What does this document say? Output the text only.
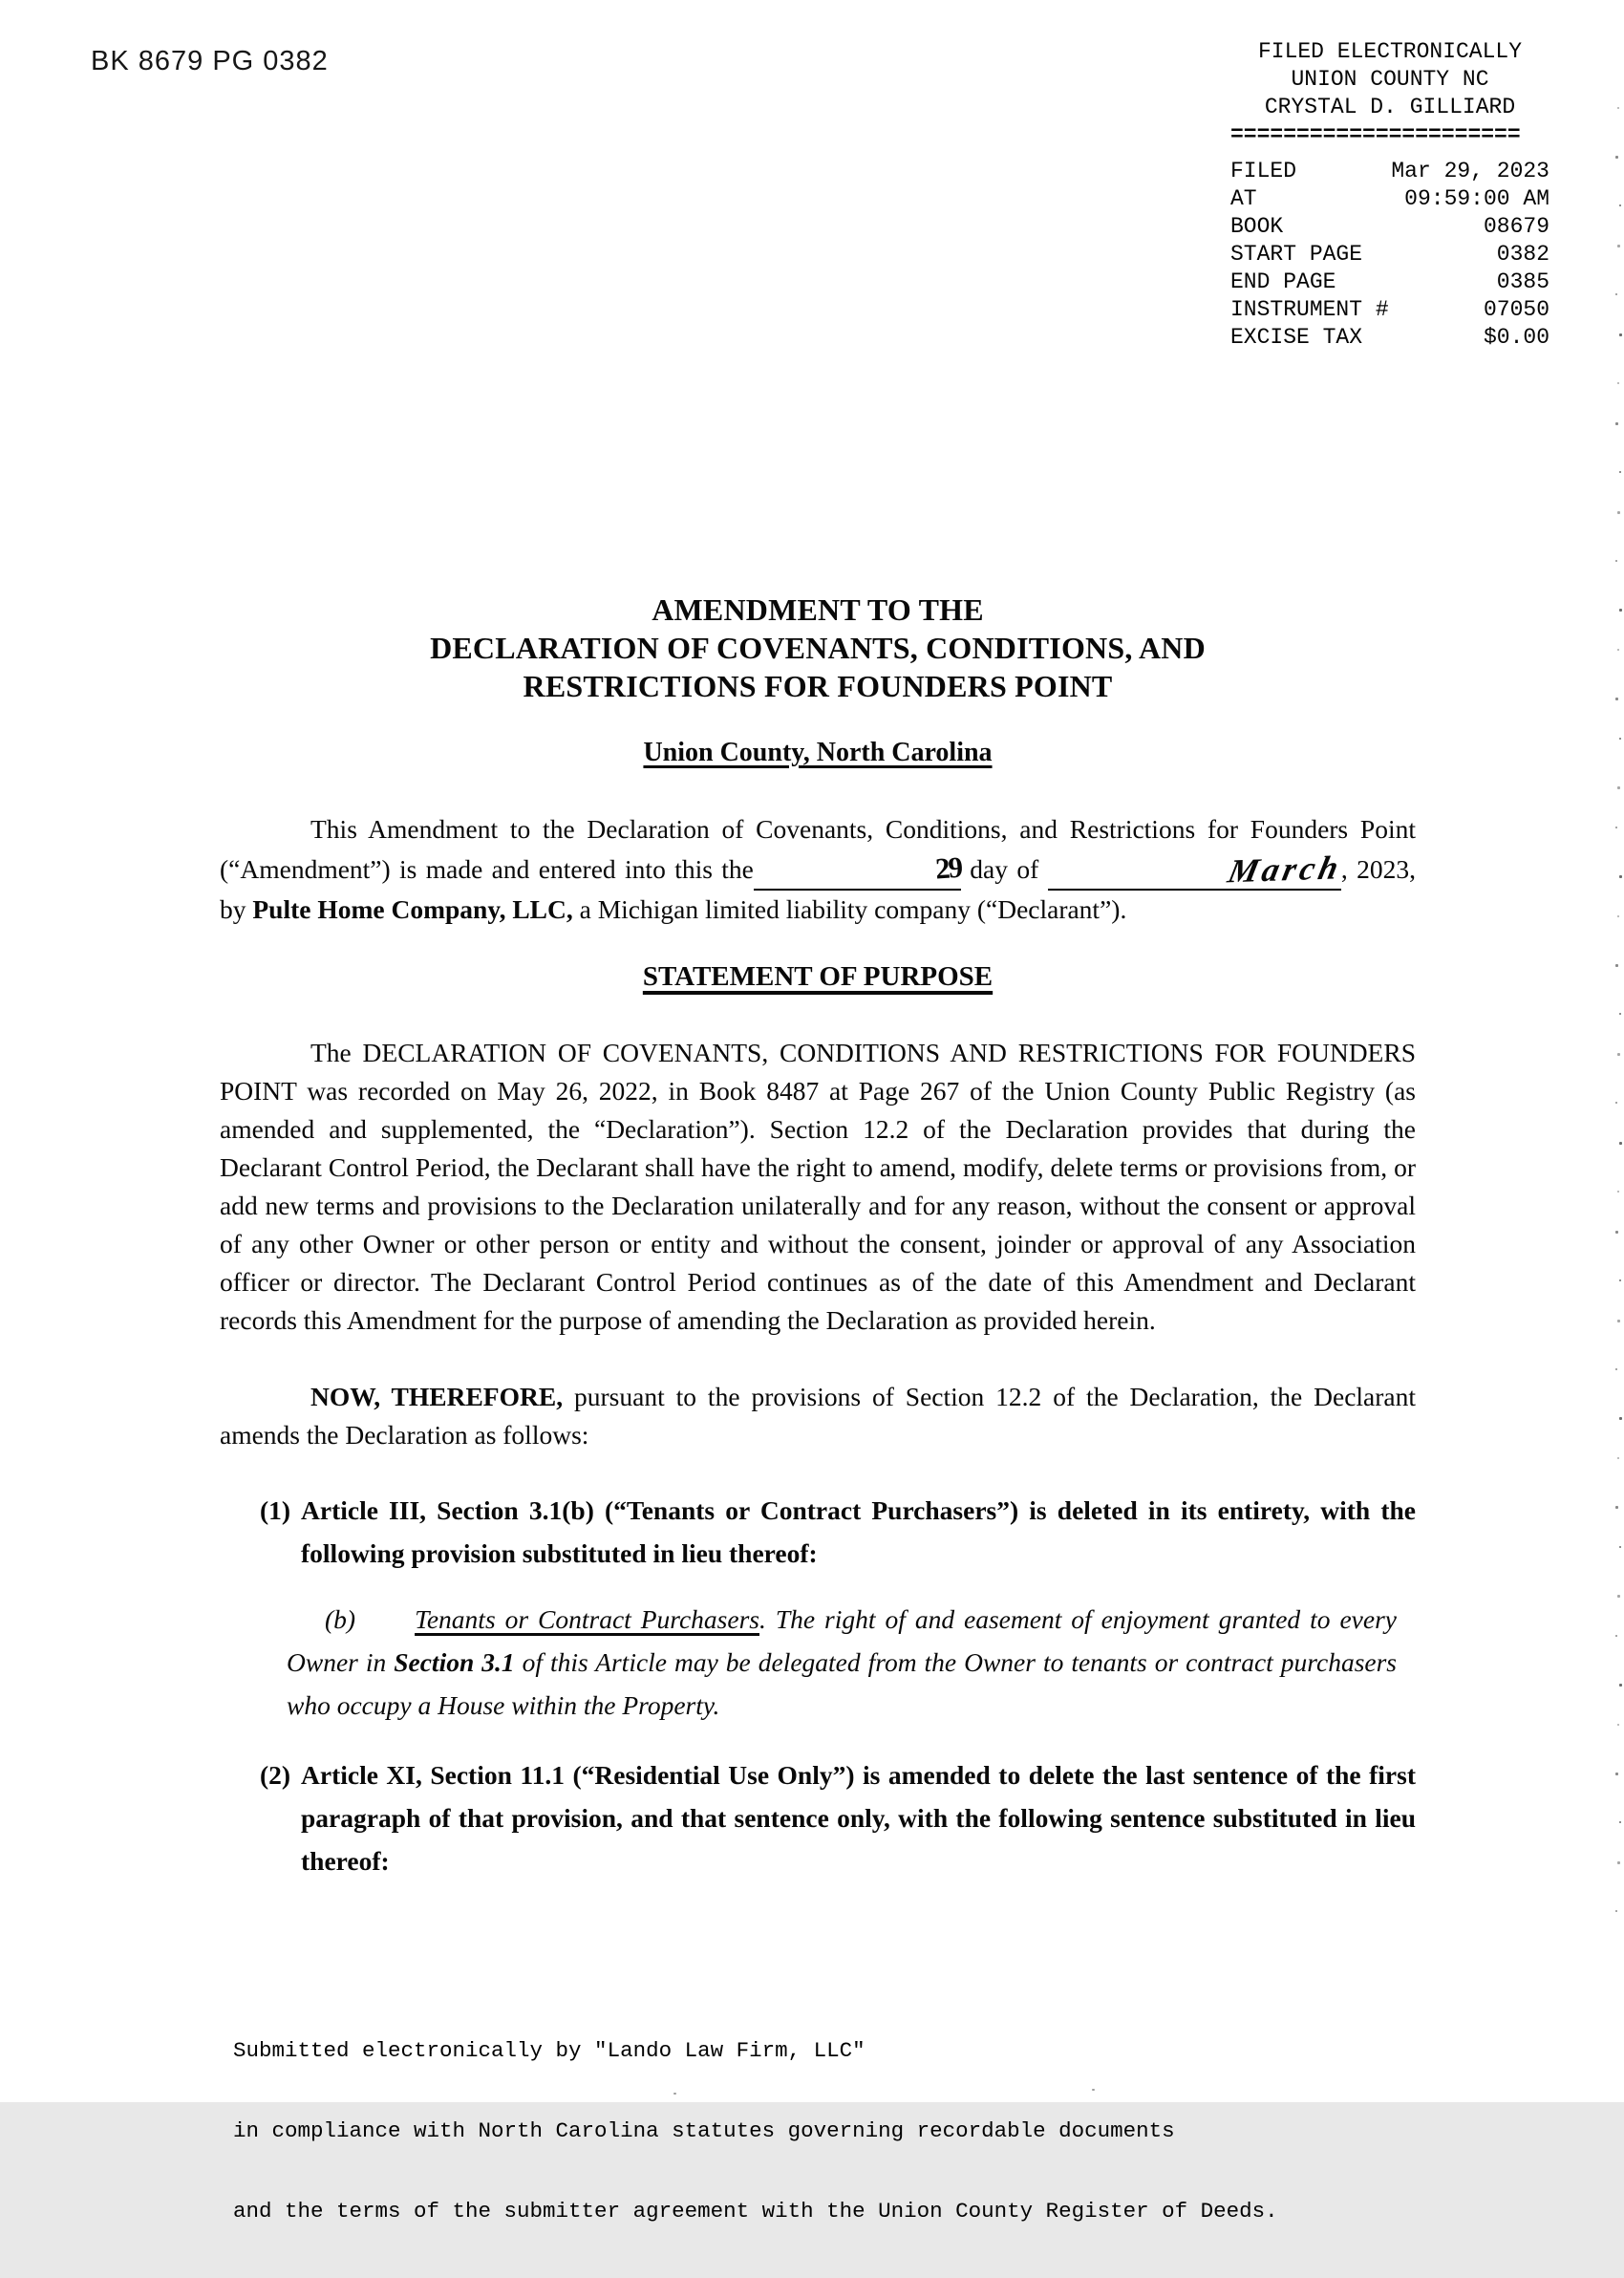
BK 8679 PG 0382	FILED ELECTRONICALLY
UNION COUNTY NC
CRYSTAL D. GILLIARD
======================
FILED	Mar 29, 2023
AT	09:59:00 AM
BOOK	08679
START PAGE	0382
END PAGE	0385
INSTRUMENT #	07050
EXCISE TAX	$0.00
AMENDMENT TO THE
DECLARATION OF COVENANTS, CONDITIONS, AND
RESTRICTIONS FOR FOUNDERS POINT
Union County, North Carolina

This Amendment to the Declaration of Covenants, Conditions, and Restrictions for Founders Point (“Amendment”) is made and entered into this the	29 day of	March, 2023, by Pulte Home Company, LLC, a Michigan limited liability company (“Declarant”).

STATEMENT OF PURPOSE

The DECLARATION OF COVENANTS, CONDITIONS AND RESTRICTIONS FOR FOUNDERS POINT was recorded on May 26, 2022, in Book 8487 at Page 267 of the Union County Public Registry (as amended and supplemented, the “Declaration”). Section 12.2 of the Declaration provides that during the Declarant Control Period, the Declarant shall have the right to amend, modify, delete terms or provisions from, or add new terms and provisions to the Declaration unilaterally and for any reason, without the consent or approval of any other Owner or other person or entity and without the consent, joinder or approval of any Association officer or director. The Declarant Control Period continues as of the date of this Amendment and Declarant records this Amendment for the purpose of amending the Declaration as provided herein.

NOW, THEREFORE, pursuant to the provisions of Section 12.2 of the Declaration, the Declarant amends the Declaration as follows:

(1) Article III, Section 3.1(b) (“Tenants or Contract Purchasers”) is deleted in its entirety, with the following provision substituted in lieu thereof:

(b) Tenants or Contract Purchasers. The right of and easement of enjoyment granted to every Owner in Section 3.1 of this Article may be delegated from the Owner to tenants or contract purchasers who occupy a House within the Property.

(2) Article XI, Section 11.1 (“Residential Use Only”) is amended to delete the last sentence of the first paragraph of that provision, and that sentence only, with the following sentence substituted in lieu thereof:

Submitted electronically by "Lando Law Firm, LLC"

in compliance with North Carolina statutes governing recordable documents

and the terms of the submitter agreement with the Union County Register of Deeds.
